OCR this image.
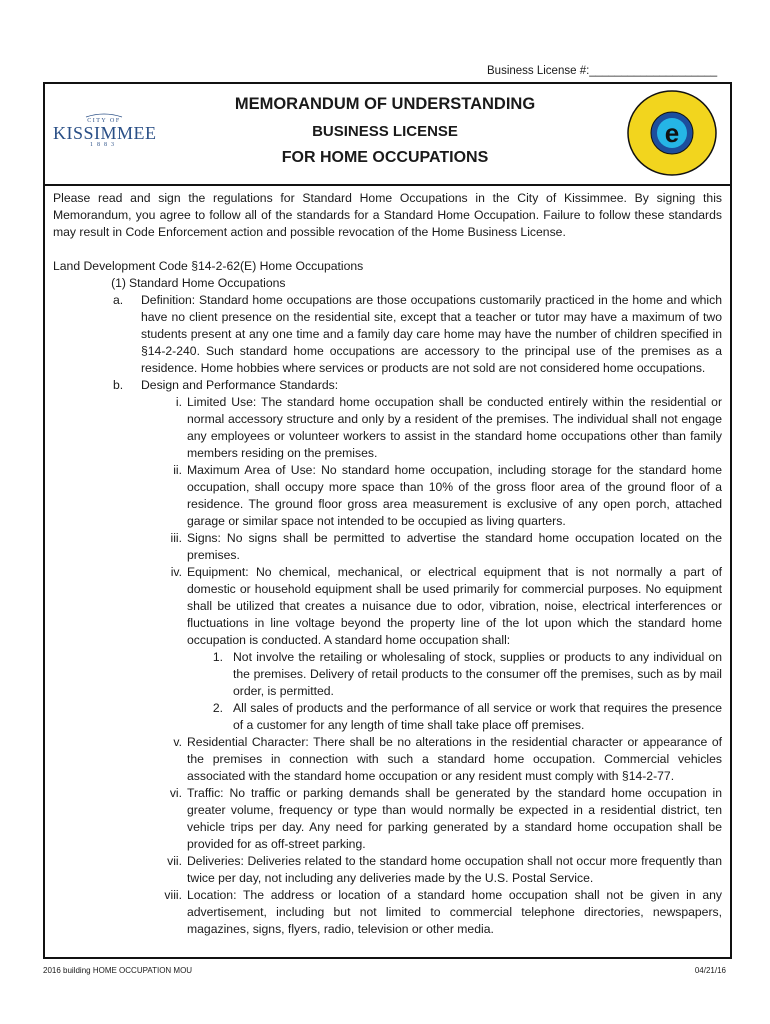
Business License #:____________________
CITY OF
KISSIMMEE
1883
MEMORANDUM OF UNDERSTANDING
BUSINESS LICENSE
FOR HOME OCCUPATIONS
e

Please read and sign the regulations for Standard Home Occupations in the City of Kissimmee. By signing this Memorandum, you agree to follow all of the standards for a Standard Home Occupation. Failure to follow these standards may result in Code Enforcement action and possible revocation of the Home Business License.

Land Development Code §14-2-62(E) Home Occupations
(1) Standard Home Occupations
a.	Definition: Standard home occupations are those occupations customarily practiced in the home and which have no client presence on the residential site, except that a teacher or tutor may have a maximum of two students present at any one time and a family day care home may have the number of children specified in §14-2-240. Such standard home occupations are accessory to the principal use of the premises as a residence. Home hobbies where services or products are not sold are not considered home occupations.
b.	Design and Performance Standards:
i. Limited Use: The standard home occupation shall be conducted entirely within the residential or normal accessory structure and only by a resident of the premises. The individual shall not engage any employees or volunteer workers to assist in the standard home occupations other than family members residing on the premises.
ii. Maximum Area of Use: No standard home occupation, including storage for the standard home occupation, shall occupy more space than 10% of the gross floor area of the ground floor of a residence. The ground floor gross area measurement is exclusive of any open porch, attached garage or similar space not intended to be occupied as living quarters.
iii. Signs: No signs shall be permitted to advertise the standard home occupation located on the premises.
iv. Equipment: No chemical, mechanical, or electrical equipment that is not normally a part of domestic or household equipment shall be used primarily for commercial purposes. No equipment shall be utilized that creates a nuisance due to odor, vibration, noise, electrical interferences or fluctuations in line voltage beyond the property line of the lot upon which the standard home occupation is conducted. A standard home occupation shall:
1. Not involve the retailing or wholesaling of stock, supplies or products to any individual on the premises. Delivery of retail products to the consumer off the premises, such as by mail order, is permitted.
2. All sales of products and the performance of all service or work that requires the presence of a customer for any length of time shall take place off premises.
v. Residential Character: There shall be no alterations in the residential character or appearance of the premises in connection with such a standard home occupation. Commercial vehicles associated with the standard home occupation or any resident must comply with §14-2-77.
vi. Traffic: No traffic or parking demands shall be generated by the standard home occupation in greater volume, frequency or type than would normally be expected in a residential district, ten vehicle trips per day. Any need for parking generated by a standard home occupation shall be provided for as off-street parking.
vii. Deliveries: Deliveries related to the standard home occupation shall not occur more frequently than twice per day, not including any deliveries made by the U.S. Postal Service.
viii. Location: The address or location of a standard home occupation shall not be given in any advertisement, including but not limited to commercial telephone directories, newspapers, magazines, signs, flyers, radio, television or other media.
2016 building HOME OCCUPATION MOU	04/21/16
